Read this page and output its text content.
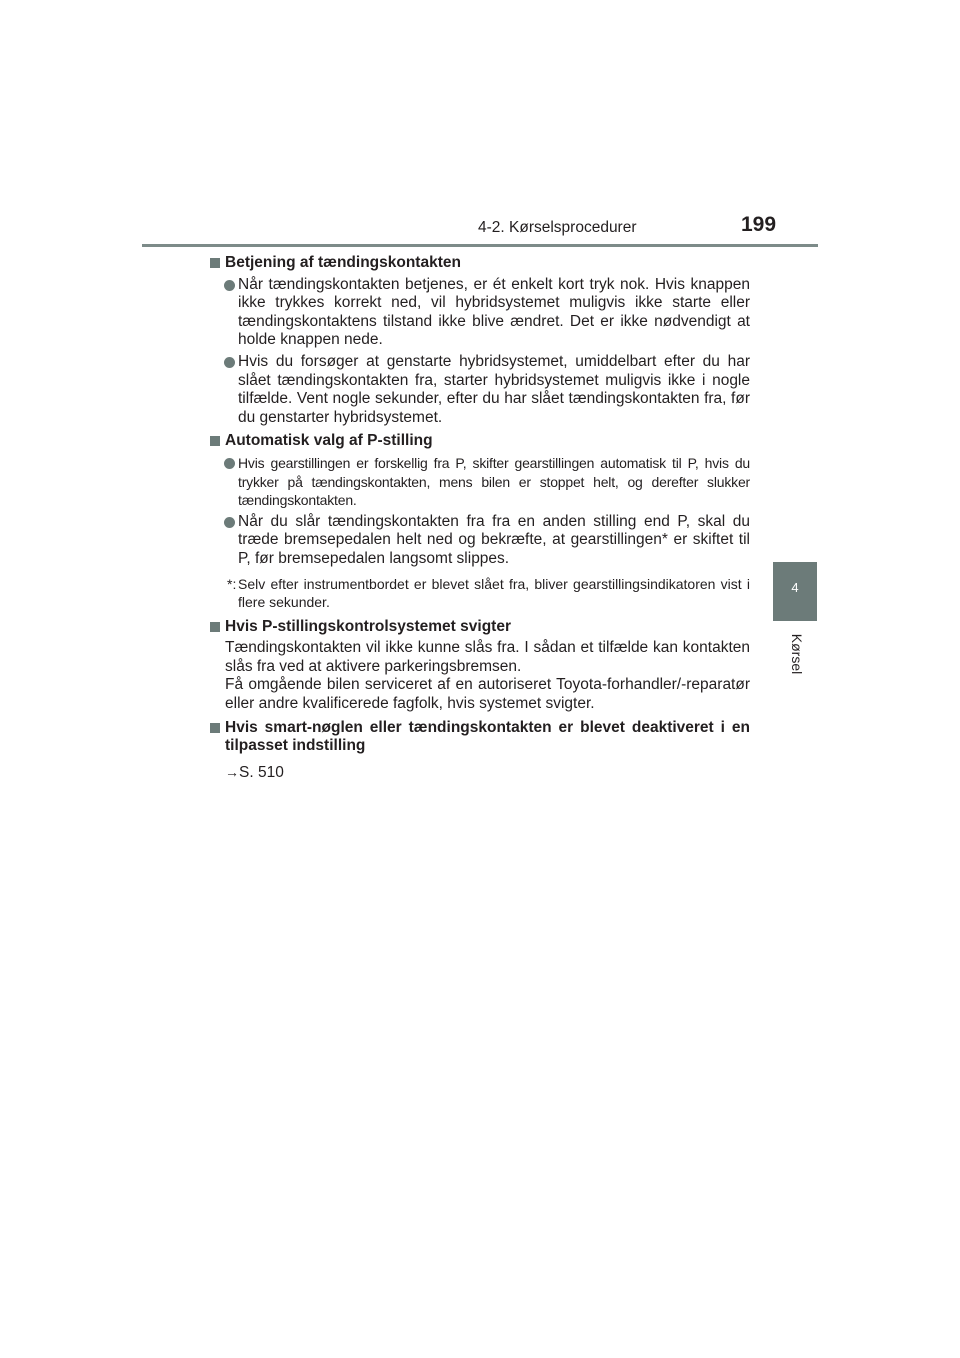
4-2. Kørselsprocedurer	199
4
Kørsel
Betjening af tændingskontakten
Når tændingskontakten betjenes, er ét enkelt kort tryk nok. Hvis knappen ikke trykkes korrekt ned, vil hybridsystemet muligvis ikke starte eller tændingskontaktens tilstand ikke blive ændret. Det er ikke nødvendigt at holde knappen nede.
Hvis du forsøger at genstarte hybridsystemet, umiddelbart efter du har slået tændingskontakten fra, starter hybridsystemet muligvis ikke i nogle tilfælde. Vent nogle sekunder, efter du har slået tændingskontakten fra, før du genstarter hybridsystemet.
Automatisk valg af P-stilling
Hvis gearstillingen er forskellig fra P, skifter gearstillingen automatisk til P, hvis du trykker på tændingskontakten, mens bilen er stoppet helt, og derefter slukker tændingskontakten.
Når du slår tændingskontakten fra fra en anden stilling end P, skal du træde bremsepedalen helt ned og bekræfte, at gearstillingen* er skiftet til P, før bremsepedalen langsomt slippes.
*: Selv efter instrumentbordet er blevet slået fra, bliver gearstillingsindikatoren vist i flere sekunder.
Hvis P-stillingskontrolsystemet svigter
Tændingskontakten vil ikke kunne slås fra. I sådan et tilfælde kan kontakten slås fra ved at aktivere parkeringsbremsen.
Få omgående bilen serviceret af en autoriseret Toyota-forhandler/-reparatør eller andre kvalificerede fagfolk, hvis systemet svigter.
Hvis smart-nøglen eller tændingskontakten er blevet deaktiveret i en tilpasset indstilling
→S. 510
